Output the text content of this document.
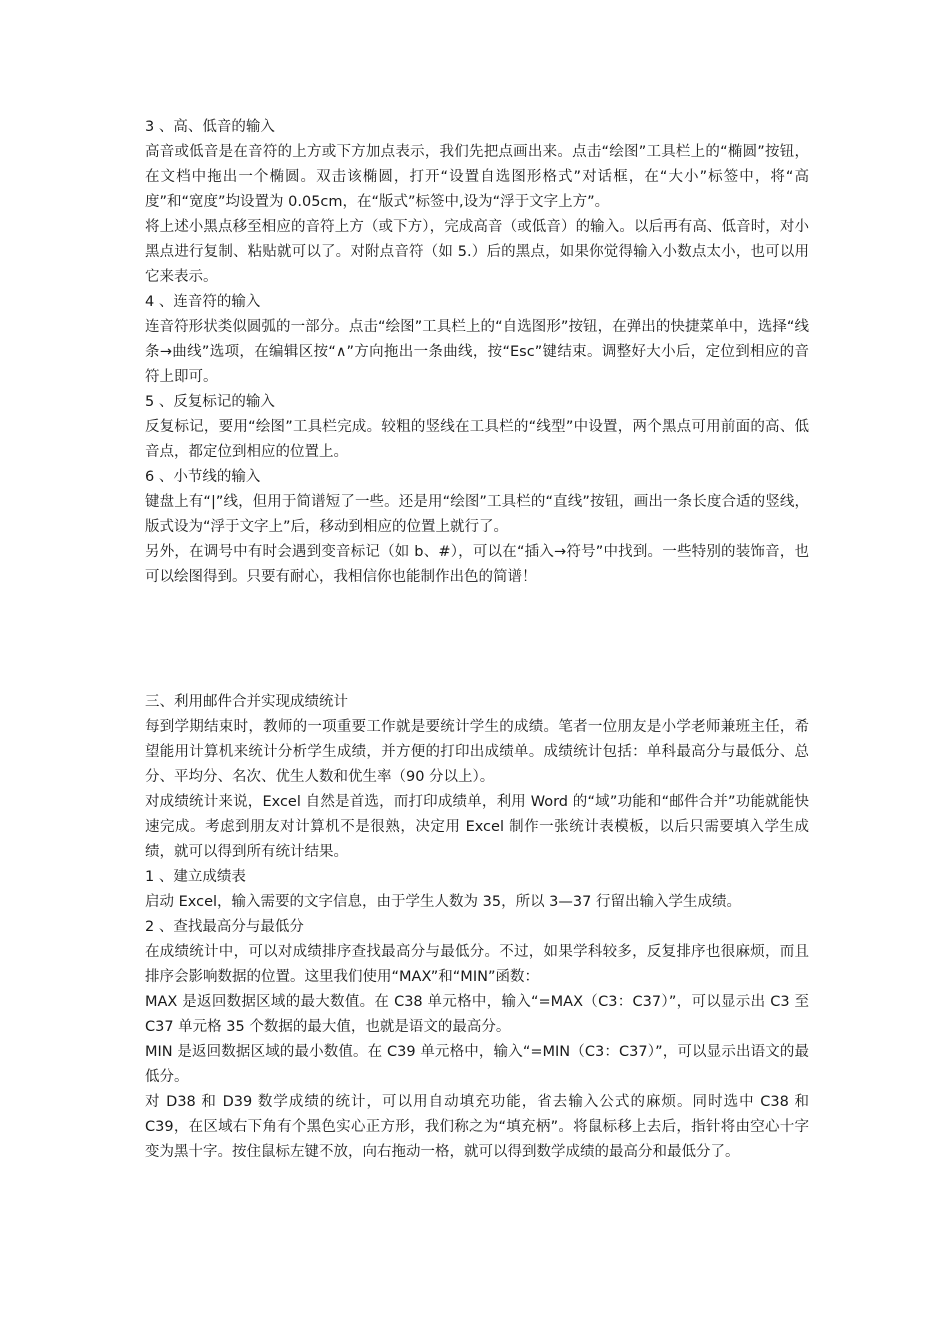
3 、高、低音的输入

高音或低音是在音符的上方或下方加点表示，我们先把点画出来。点击“绘图”工具栏上的“椭圆”按钮，在文档中拖出一个椭圆。双击该椭圆，打开“设置自选图形格式”对话框，在“大小”标签中，将“高度”和“宽度”均设置为 0.05cm，在“版式”标签中,设为“浮于文字上方”。

将上述小黑点移至相应的音符上方（或下方），完成高音（或低音）的输入。以后再有高、低音时，对小黑点进行复制、粘贴就可以了。对附点音符（如 5.）后的黑点，如果你觉得输入小数点太小，也可以用它来表示。

4 、连音符的输入

连音符形状类似圆弧的一部分。点击“绘图”工具栏上的“自选图形”按钮，在弹出的快捷菜单中，选择“线条→曲线”选项，在编辑区按“∧”方向拖出一条曲线，按“Esc”键结束。调整好大小后，定位到相应的音符上即可。

5 、反复标记的输入

反复标记，要用“绘图”工具栏完成。较粗的竖线在工具栏的“线型”中设置，两个黑点可用前面的高、低音点，都定位到相应的位置上。

6 、小节线的输入

键盘上有“|”线，但用于简谱短了一些。还是用“绘图”工具栏的“直线”按钮，画出一条长度合适的竖线，版式设为“浮于文字上”后，移动到相应的位置上就行了。

另外，在调号中有时会遇到变音标记（如 b、#），可以在“插入→符号”中找到。一些特别的装饰音，也可以绘图得到。只要有耐心，我相信你也能制作出色的简谱！

三、利用邮件合并实现成绩统计

每到学期结束时，教师的一项重要工作就是要统计学生的成绩。笔者一位朋友是小学老师兼班主任，希望能用计算机来统计分析学生成绩，并方便的打印出成绩单。成绩统计包括：单科最高分与最低分、总分、平均分、名次、优生人数和优生率（90 分以上）。

对成绩统计来说，Excel 自然是首选，而打印成绩单，利用 Word 的“域”功能和“邮件合并”功能就能快速完成。考虑到朋友对计算机不是很熟，决定用 Excel 制作一张统计表模板，以后只需要填入学生成绩，就可以得到所有统计结果。

1 、建立成绩表

启动 Excel，输入需要的文字信息，由于学生人数为 35，所以 3—37 行留出输入学生成绩。

2 、查找最高分与最低分

在成绩统计中，可以对成绩排序查找最高分与最低分。不过，如果学科较多，反复排序也很麻烦，而且排序会影响数据的位置。这里我们使用“MAX”和“MIN”函数：

MAX 是返回数据区域的最大数值。在 C38 单元格中，输入“=MAX（C3：C37）”，可以显示出 C3 至 C37 单元格 35 个数据的最大值，也就是语文的最高分。

MIN 是返回数据区域的最小数值。在 C39 单元格中，输入“=MIN（C3：C37）”，可以显示出语文的最低分。

对 D38 和 D39 数学成绩的统计，可以用自动填充功能，省去输入公式的麻烦。同时选中 C38 和 C39，在区域右下角有个黑色实心正方形，我们称之为“填充柄”。将鼠标移上去后，指针将由空心十字变为黑十字。按住鼠标左键不放，向右拖动一格，就可以得到数学成绩的最高分和最低分了。
